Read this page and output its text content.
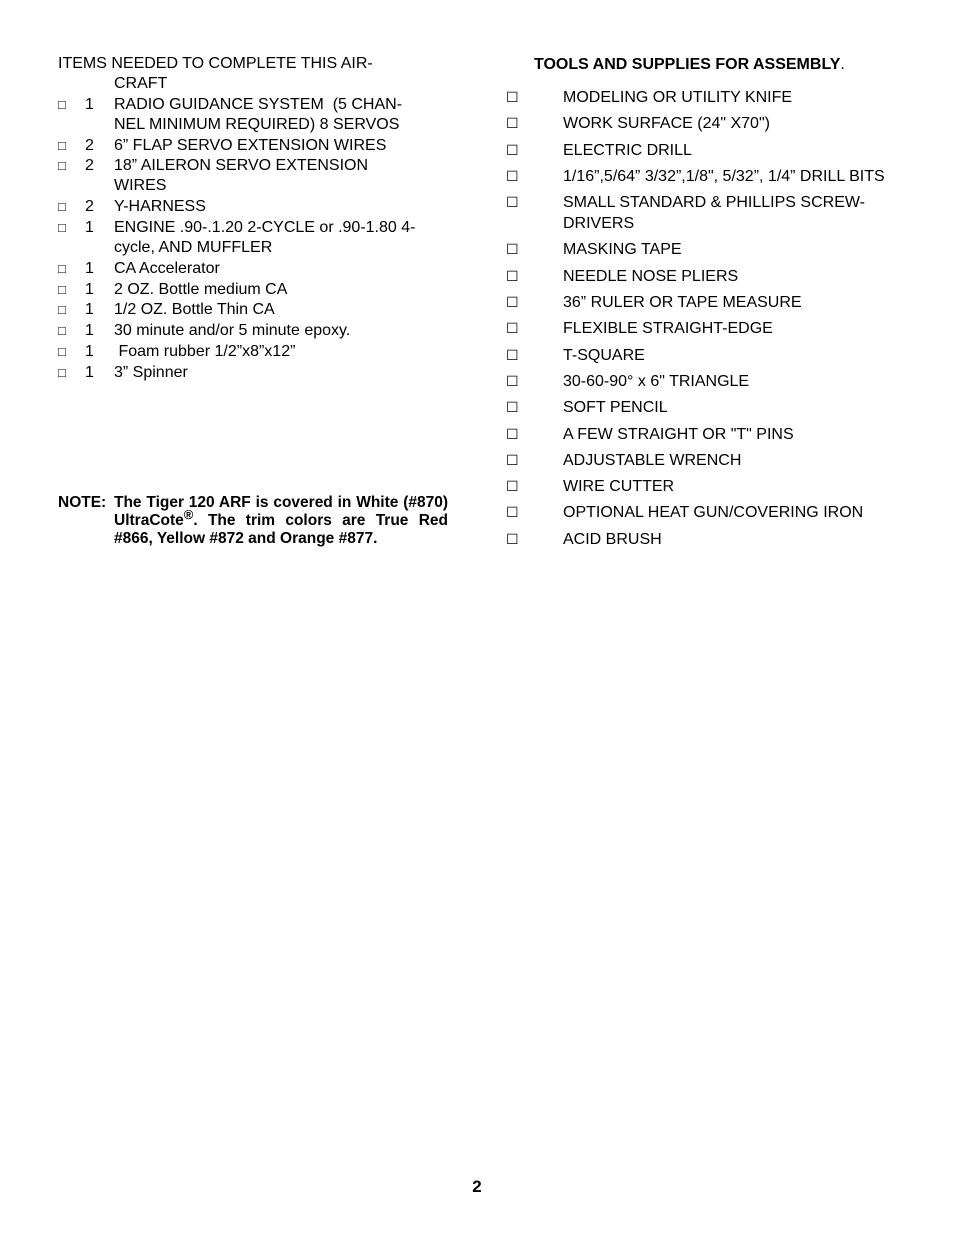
ITEMS NEEDED TO COMPLETE THIS AIR-
CRAFT
□	1	RADIO GUIDANCE SYSTEM  (5 CHAN-
NEL MINIMUM REQUIRED) 8 SERVOS
□	2	6” FLAP SERVO EXTENSION WIRES
□	2	18” AILERON SERVO EXTENSION
WIRES
□	2	Y-HARNESS
□	1	ENGINE .90-.1.20 2-CYCLE or .90-1.80 4-
cycle, AND MUFFLER
□	1	CA Accelerator
□	1	2 OZ. Bottle medium CA
□	1	1/2 OZ. Bottle Thin CA
□	1	30 minute and/or 5 minute epoxy.
□	1	Foam rubber 1/2”x8”x12”
□	1	3” Spinner
NOTE: The Tiger 120 ARF is covered in White (#870) UltraCote®. The trim colors are True Red #866, Yellow #872 and Orange #877.
TOOLS AND SUPPLIES FOR ASSEMBLY.
☐	MODELING OR UTILITY KNIFE
☐	WORK SURFACE (24" X70")
☐	ELECTRIC DRILL
☐	1/16”,5/64” 3/32”,1/8", 5/32”, 1/4” DRILL BITS
☐	SMALL STANDARD & PHILLIPS SCREW-DRIVERS
☐	MASKING TAPE
☐	NEEDLE NOSE PLIERS
☐	36” RULER OR TAPE MEASURE
☐	FLEXIBLE STRAIGHT-EDGE
☐	T-SQUARE
☐	30-60-90° x 6" TRIANGLE
☐	SOFT PENCIL
☐	A FEW STRAIGHT OR "T" PINS
☐	ADJUSTABLE WRENCH
☐	WIRE CUTTER
☐	OPTIONAL HEAT GUN/COVERING IRON
☐	ACID BRUSH
2
